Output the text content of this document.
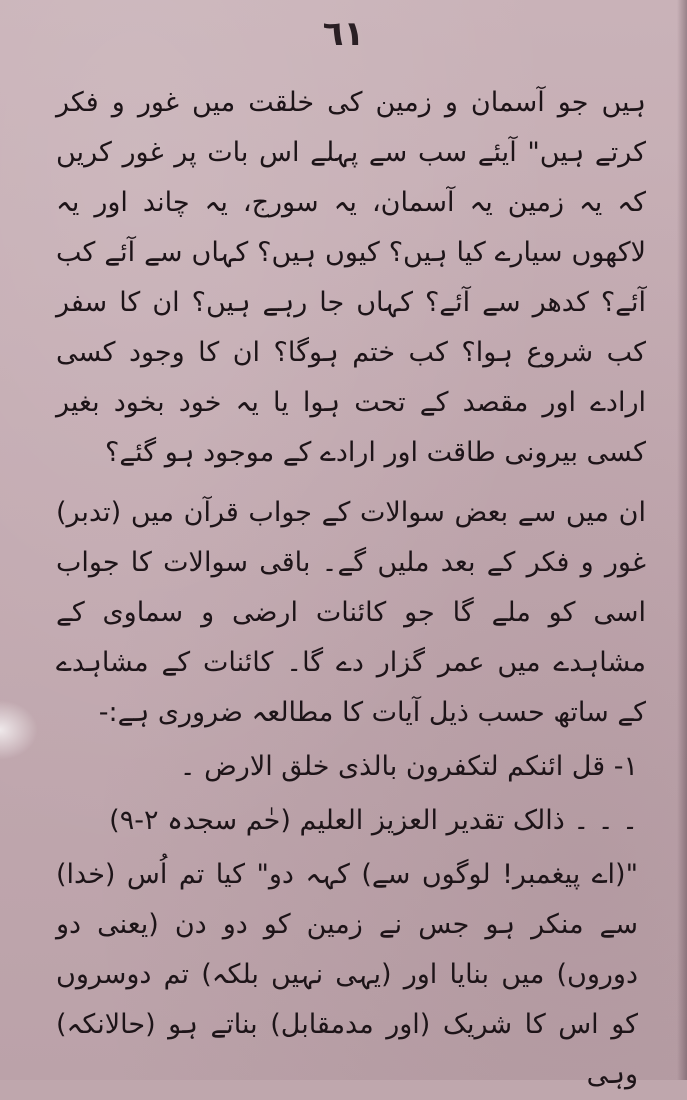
٦١

ہیں جو آسمان و زمین کی خلقت میں غور و فکر کرتے ہیں" آیئے سب سے پہلے اس بات پر غور کریں کہ یہ زمین یہ آسمان، یہ سورج، یہ چاند اور یہ لاکھوں سیارے کیا ہیں؟ کیوں ہیں؟ کہاں سے آئے کب آئے؟ کدھر سے آئے؟ کہاں جا رہے ہیں؟ ان کا سفر کب شروع ہوا؟ کب ختم ہوگا؟ ان کا وجود کسی ارادے اور مقصد کے تحت ہوا یا یہ خود بخود بغیر کسی بیرونی طاقت اور ارادے کے موجود ہو گئے؟

ان میں سے بعض سوالات کے جواب قرآن میں (تدبر) غور و فکر کے بعد ملیں گے۔ باقی سوالات کا جواب اسی کو ملے گا جو کائنات ارضی و سماوی کے مشاہدے میں عمر گزار دے گا۔ کائنات کے مشاہدے کے ساتھ حسب ذیل آیات کا مطالعہ ضروری ہے:-

١- قل ائنکم لتکفرون بالذی خلق الارض ۔

۔ ۔ ۔ ذالک تقدیر العزیز العلیم (حٰم سجدہ ٢-٩)

"(اے پیغمبر! لوگوں سے) کہہ دو" کیا تم اُس (خدا) سے منکر ہو جس نے زمین کو دو دن (یعنی دو دوروں) میں بنایا اور (یہی نہیں بلکہ) تم دوسروں کو اس کا شریک (اور مدمقابل) بناتے ہو (حالانکہ) وہی
